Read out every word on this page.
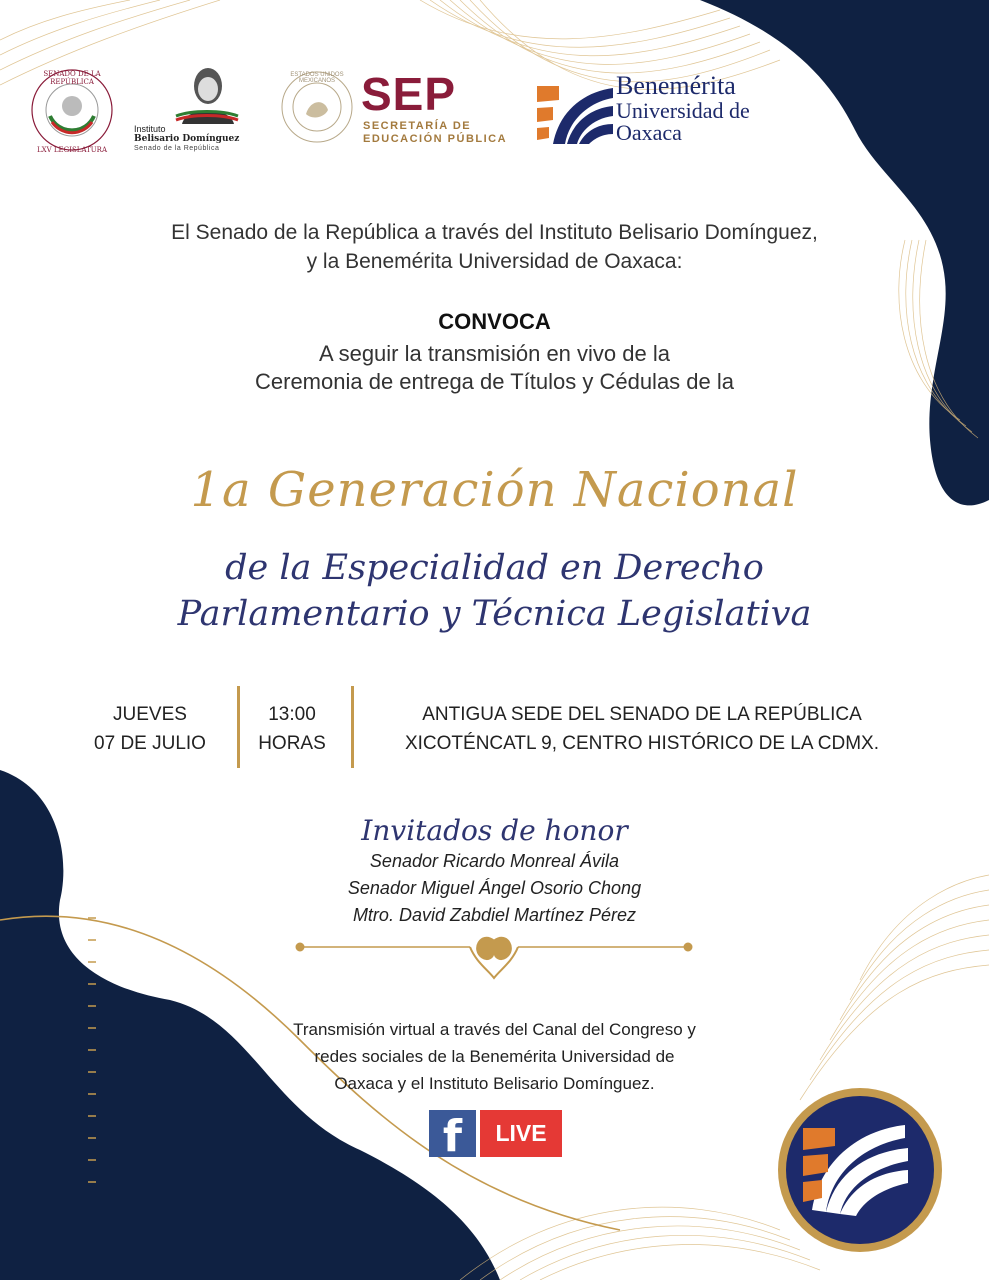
SENADO DE LA REPÚBLICA
LXV LEGISLATURA
Instituto
Belisario Domínguez
Senado de la República
ESTADOS UNIDOS MEXICANOS SEP
SECRETARÍA DE
EDUCACIÓN PÚBLICA
Benemérita
Universidad de
Oaxaca
El Senado de la República a través del Instituto Belisario Domínguez,
y la Benemérita Universidad de Oaxaca:
CONVOCA
A seguir la transmisión en vivo de la
Ceremonia de entrega de Títulos y Cédulas de la
1a Generación Nacional
de la Especialidad en Derecho
Parlamentario y Técnica Legislativa
JUEVES
07 DE JULIO
13:00
HORAS
ANTIGUA SEDE DEL SENADO DE LA REPÚBLICA
XICOTÉNCATL 9, CENTRO HISTÓRICO DE LA CDMX.
Invitados de honor
Senador Ricardo Monreal Ávila
Senador Miguel Ángel Osorio Chong
Mtro. David Zabdiel Martínez Pérez
Transmisión virtual a través del Canal del Congreso y
redes sociales de la Benemérita Universidad de
Oaxaca y el Instituto Belisario Domínguez.
f	LIVE
